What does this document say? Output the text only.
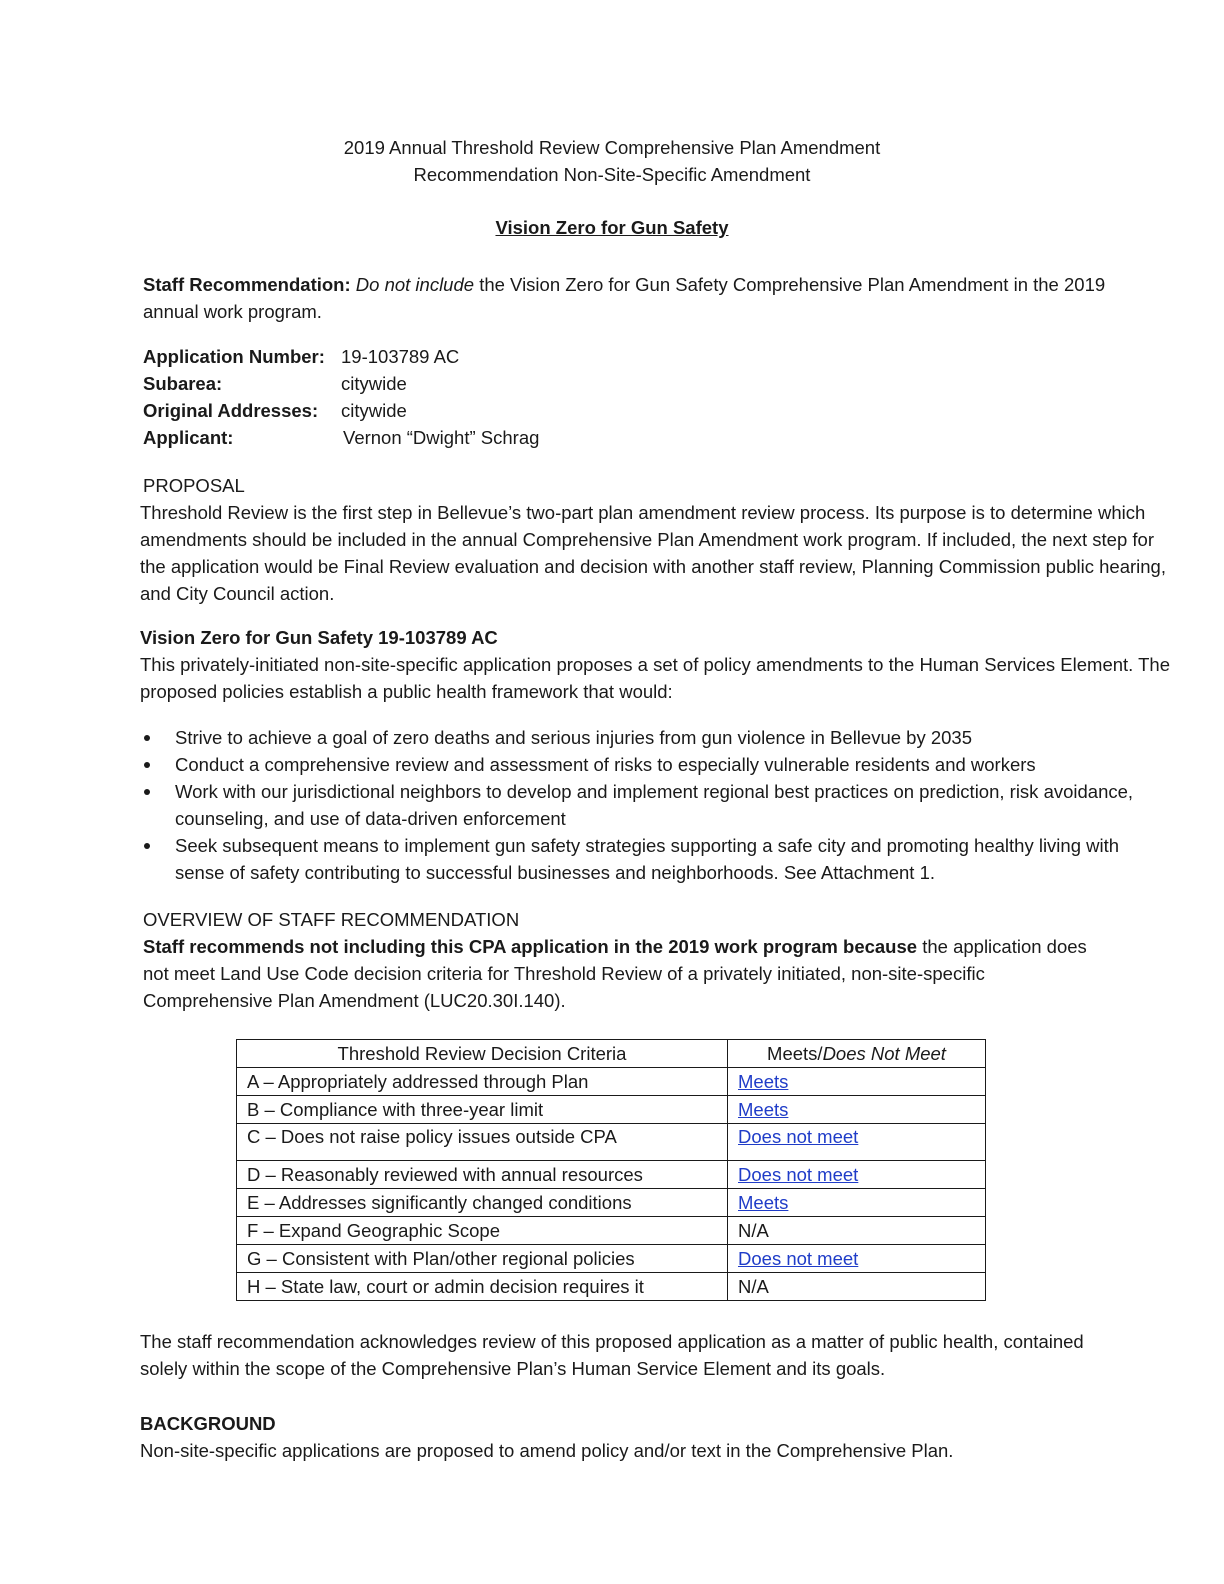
2019 Annual Threshold Review Comprehensive Plan Amendment
Recommendation Non-Site-Specific Amendment
Vision Zero for Gun Safety
Staff Recommendation: Do not include the Vision Zero for Gun Safety Comprehensive Plan Amendment in the 2019 annual work program.
Application Number: 19-103789 AC
Subarea:	citywide
Original Addresses:	citywide
Applicant:	Vernon “Dwight” Schrag
PROPOSAL
Threshold Review is the first step in Bellevue’s two-part plan amendment review process. Its purpose is to determine which amendments should be included in the annual Comprehensive Plan Amendment work program. If included, the next step for the application would be Final Review evaluation and decision with another staff review, Planning Commission public hearing, and City Council action.
Vision Zero for Gun Safety 19-103789 AC
This privately-initiated non-site-specific application proposes a set of policy amendments to the Human Services Element. The proposed policies establish a public health framework that would:
Strive to achieve a goal of zero deaths and serious injuries from gun violence in Bellevue by 2035
Conduct a comprehensive review and assessment of risks to especially vulnerable residents and workers
Work with our jurisdictional neighbors to develop and implement regional best practices on prediction, risk avoidance, counseling, and use of data-driven enforcement
Seek subsequent means to implement gun safety strategies supporting a safe city and promoting healthy living with sense of safety contributing to successful businesses and neighborhoods. See Attachment 1.
OVERVIEW OF STAFF RECOMMENDATION
Staff recommends not including this CPA application in the 2019 work program because the application does not meet Land Use Code decision criteria for Threshold Review of a privately initiated, non-site-specific Comprehensive Plan Amendment (LUC20.30I.140).
Threshold Review Decision Criteria	Meets/Does Not Meet
A – Appropriately addressed through Plan	Meets
B – Compliance with three-year limit	Meets
C – Does not raise policy issues outside CPA	Does not meet
D – Reasonably reviewed with annual resources	Does not meet
E – Addresses significantly changed conditions	Meets
F – Expand Geographic Scope	N/A
G – Consistent with Plan/other regional policies	Does not meet
H – State law, court or admin decision requires it	N/A
The staff recommendation acknowledges review of this proposed application as a matter of public health, contained solely within the scope of the Comprehensive Plan’s Human Service Element and its goals.
BACKGROUND
Non-site-specific applications are proposed to amend policy and/or text in the Comprehensive Plan.
